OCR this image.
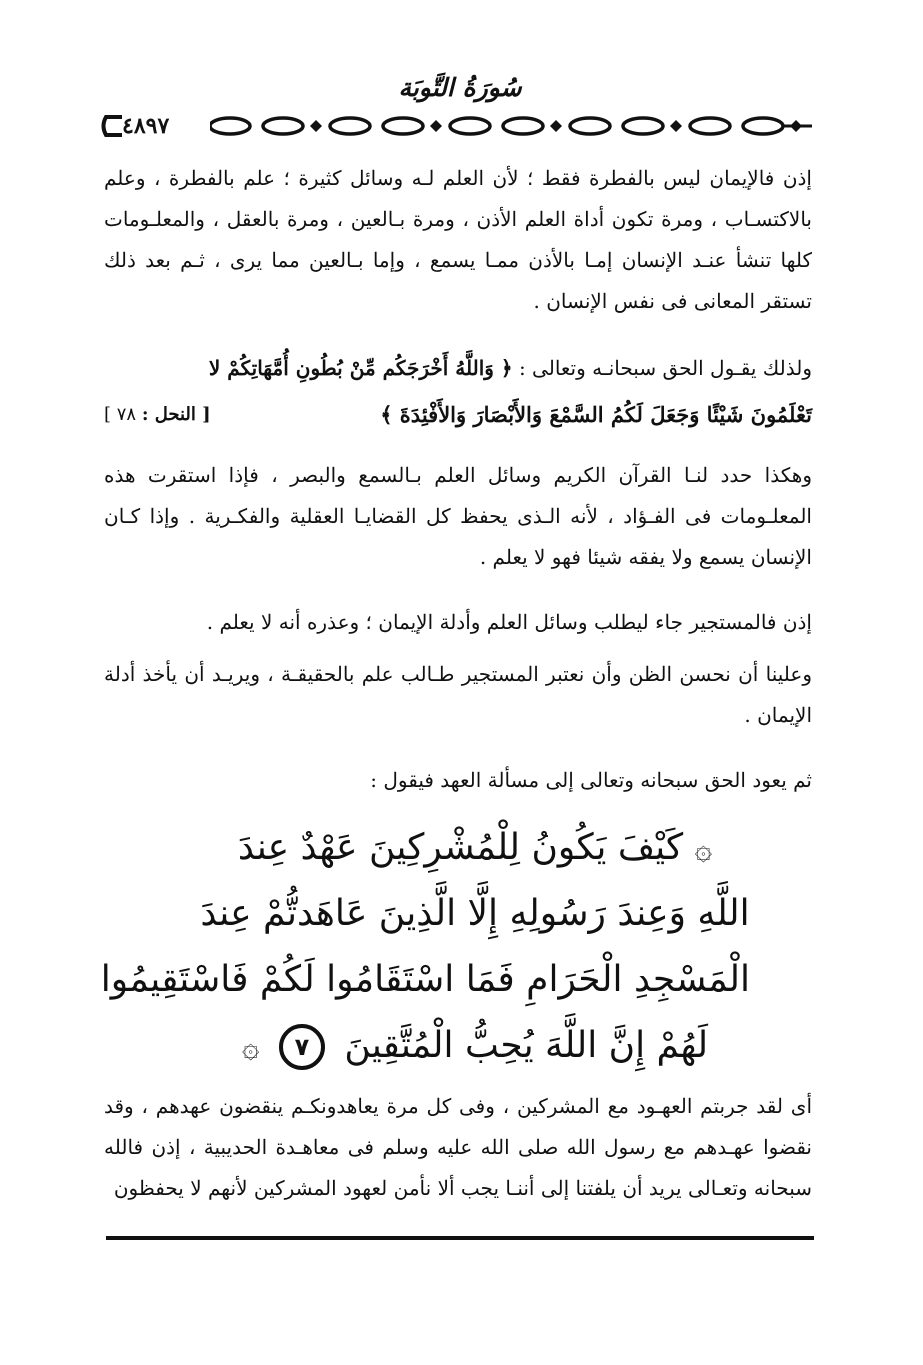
سُورَةُ التَّوبَة
٤٨٩٧

إذن فالإيمان ليس بالفطرة فقط ؛ لأن العلم لـه وسائل كثيرة ؛ علم بالفطرة ، وعلم بالاكتسـاب ، ومرة تكون أداة العلم الأذن ، ومرة بـالعين ، ومرة بالعقل ، والمعلـومات كلها تنشأ عنـد الإنسان إمـا بالأذن ممـا يسمع ، وإما بـالعين مما يرى ، ثـم بعد ذلك تستقر المعانى فى نفس الإنسان .

ولذلك يقـول الحق سبحانـه وتعالى : ﴿ وَاللَّهُ أَخْرَجَكُم مِّنْ بُطُونِ أُمَّهَاتِكُمْ لا

تَعْلَمُونَ شَيْئًا وَجَعَلَ لَكُمُ السَّمْعَ وَالأَبْصَارَ وَالأَفْئِدَةَ ﴾
[ النحل : ٧٨ ]

وهكذا حدد لنـا القرآن الكريم وسائل العلم بـالسمع والبصر ، فإذا استقرت هذه المعلـومات فى الفـؤاد ، لأنه الـذى يحفظ كل القضايـا العقلية والفكـرية . وإذا كـان الإنسان يسمع ولا يفقه شيئا فهو لا يعلم .

إذن فالمستجير جاء ليطلب وسائل العلم وأدلة الإيمان ؛ وعذره أنه لا يعلم .

وعلينا أن نحسن الظن وأن نعتبر المستجير طـالب علم بالحقيقـة ، ويريـد أن يأخذ أدلة الإيمان .

ثم يعود الحق سبحانه وتعالى إلى مسألة العهد فيقول :

۞ كَيْفَ يَكُونُ لِلْمُشْرِكِينَ عَهْدٌ عِندَ
اللَّهِ وَعِندَ رَسُولِهِ إِلَّا الَّذِينَ عَاهَدتُّمْ عِندَ
الْمَسْجِدِ الْحَرَامِ فَمَا اسْتَقَامُوا لَكُمْ فَاسْتَقِيمُوا
لَهُمْ إِنَّ اللَّهَ يُحِبُّ الْمُتَّقِينَ ٧ ۞

أى لقد جربتم العهـود مع المشركين ، وفى كل مرة يعاهدونكـم ينقضون عهدهم ، وقد نقضوا عهـدهم مع رسول الله صلى الله عليه وسلم فى معاهـدة الحديبية ، إذن فالله سبحانه وتعـالى يريد أن يلفتنا إلى أننـا يجب ألا نأمن لعهود المشركين لأنهم لا يحفظون
